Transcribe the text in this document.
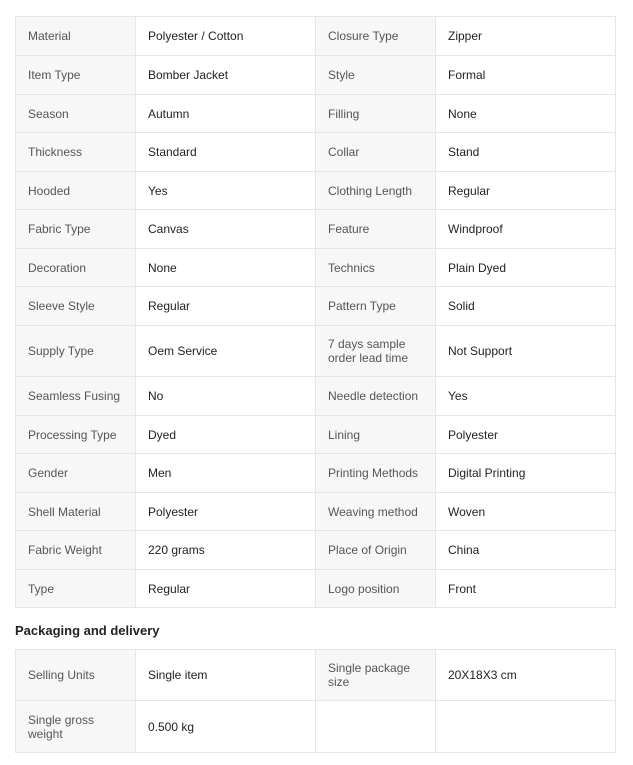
Material	Polyester / Cotton	Closure Type	Zipper
Item Type	Bomber Jacket	Style	Formal
Season	Autumn	Filling	None
Thickness	Standard	Collar	Stand
Hooded	Yes	Clothing Length	Regular
Fabric Type	Canvas	Feature	Windproof
Decoration	None	Technics	Plain Dyed
Sleeve Style	Regular	Pattern Type	Solid
Supply Type	Oem Service	7 days sample order lead time	Not Support
Seamless Fusing	No	Needle detection	Yes
Processing Type	Dyed	Lining	Polyester
Gender	Men	Printing Methods	Digital Printing
Shell Material	Polyester	Weaving method	Woven
Fabric Weight	220 grams	Place of Origin	China
Type	Regular	Logo position	Front
Packaging and delivery
Selling Units	Single item	Single package size	20X18X3 cm
Single gross weight	0.500 kg		
